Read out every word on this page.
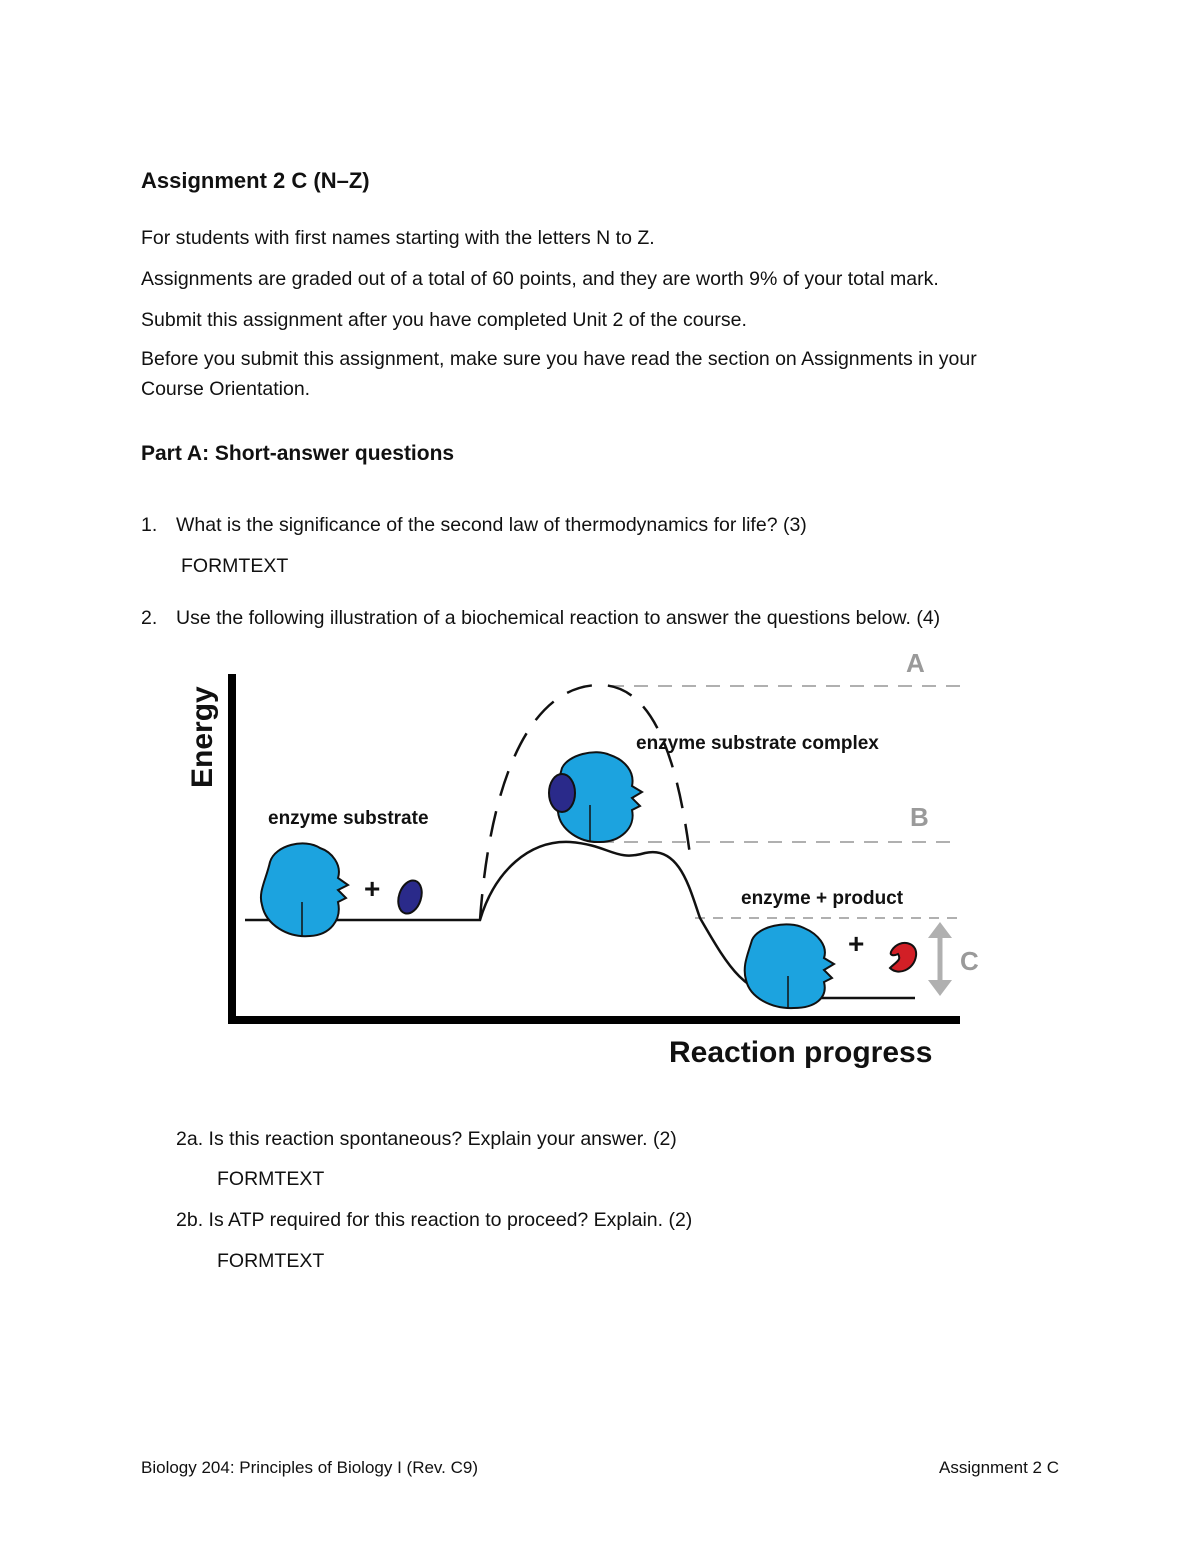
Assignment 2 C (N–Z)

For students with first names starting with the letters N to Z.

Assignments are graded out of a total of 60 points, and they are worth 9% of your total mark.

Submit this assignment after you have completed Unit 2 of the course.

Before you submit this assignment, make sure you have read the section on Assignments in your Course Orientation.

Part A: Short-answer questions
1. What is the significance of the second law of thermodynamics for life? (3)
FORMTEXT
2. Use the following illustration of a biochemical reaction to answer the questions below. (4)
Energy
Reaction progress
enzyme substrate
+
enzyme substrate complex
enzyme + product
+
A
B
C
2a. Is this reaction spontaneous? Explain your answer. (2)
FORMTEXT
2b. Is ATP required for this reaction to proceed? Explain. (2)
FORMTEXT
Biology 204: Principles of Biology I (Rev. C9)	Assignment 2 C
